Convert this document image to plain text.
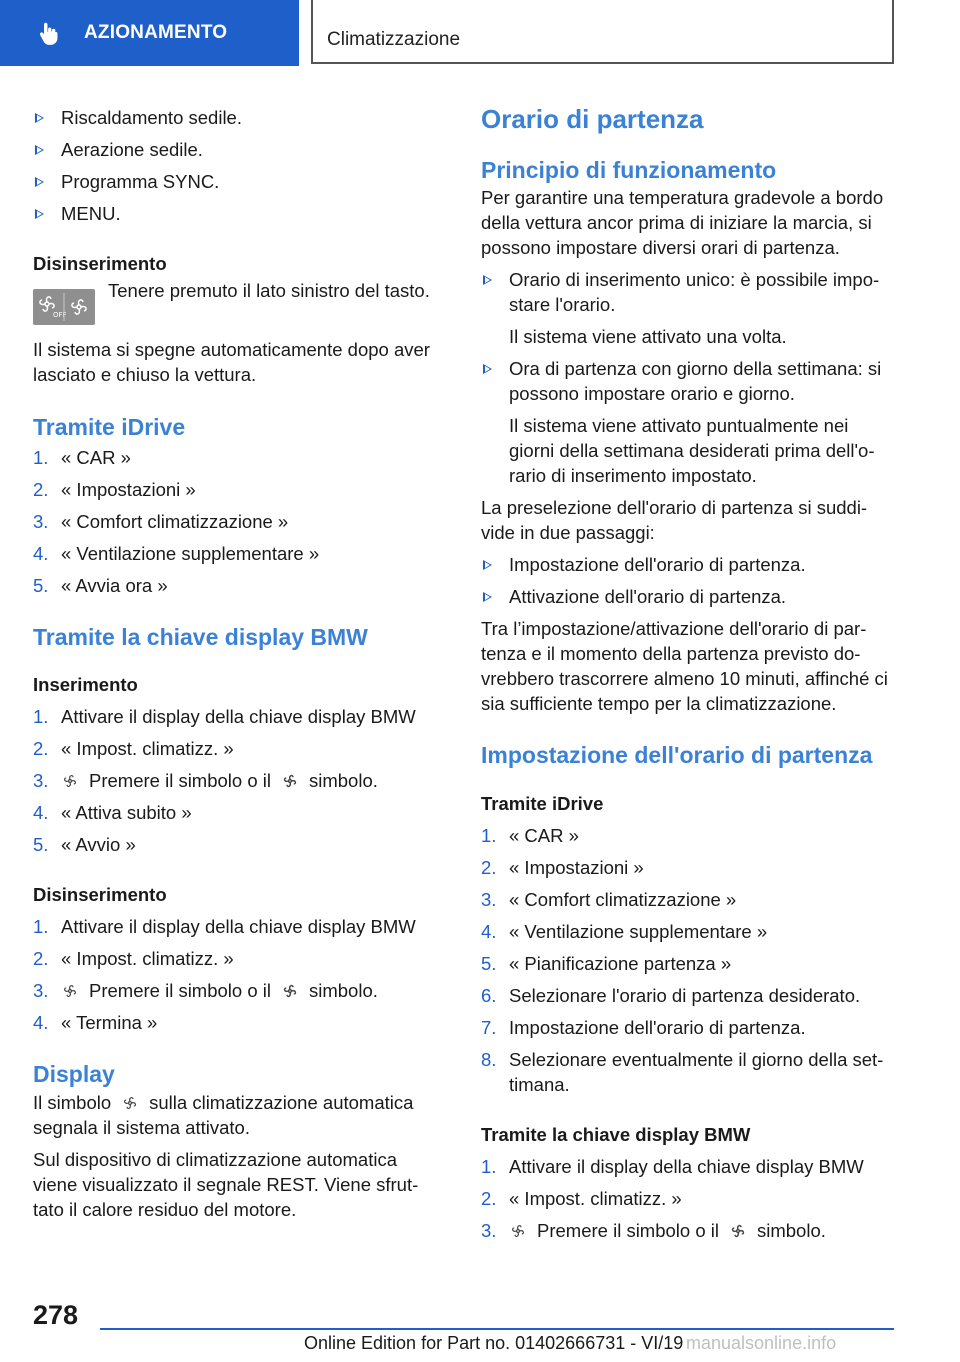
AZIONAMENTO	Climatizzazione
Riscaldamento sedile.
Aerazione sedile.
Programma SYNC.
MENU.
Disinserimento
OFF
Tenere premuto il lato sinistro del tasto.

Il sistema si spegne automaticamente dopo aver lasciato e chiuso la vettura.

Tramite iDrive
1. « CAR »
2. « Impostazioni »
3. « Comfort climatizzazione »
4. « Ventilazione supplementare »
5. « Avvia ora »
Tramite la chiave display BMW
Inserimento
1. Attivare il display della chiave display BMW
2. « Impost. climatizz. »
3.	Premere il simbolo o il simbolo.
4. « Attiva subito »
5. « Avvio »
Disinserimento
1. Attivare il display della chiave display BMW
2. « Impost. climatizz. »
3.	Premere il simbolo o il simbolo.
4. « Termina »
Display

Il simbolo sulla climatizzazione automatica
segnala il sistema attivato.

Sul dispositivo di climatizzazione automatica viene visualizzato il segnale REST. Viene sfrut-tato il calore residuo del motore.

Orario di partenza
Principio di funzionamento

Per garantire una temperatura gradevole a bordo della vettura ancor prima di iniziare la marcia, si possono impostare diversi orari di partenza.

Orario di inserimento unico: è possibile impo-stare l'orario.

Il sistema viene attivato una volta.

Ora di partenza con giorno della settimana: si possono impostare orario e giorno.

Il sistema viene attivato puntualmente nei giorni della settimana desiderati prima dell'o-rario di inserimento impostato.

La preselezione dell'orario di partenza si suddi-vide in due passaggi:

Impostazione dell'orario di partenza.
Attivazione dell'orario di partenza.

Tra l’impostazione/attivazione dell'orario di par-tenza e il momento della partenza previsto do-vrebbero trascorrere almeno 10 minuti, affinché ci sia sufficiente tempo per la climatizzazione.

Impostazione dell'orario di partenza
Tramite iDrive
1. « CAR »
2. « Impostazioni »
3. « Comfort climatizzazione »
4. « Ventilazione supplementare »
5. « Pianificazione partenza »
6. Selezionare l'orario di partenza desiderato.
7. Impostazione dell'orario di partenza.
8. Selezionare eventualmente il giorno della set-timana.
Tramite la chiave display BMW
1. Attivare il display della chiave display BMW
2. « Impost. climatizz. »
3.	Premere il simbolo o il simbolo.
278
Online Edition for Part no. 01402666731 - VI/19 manualsonline.info
